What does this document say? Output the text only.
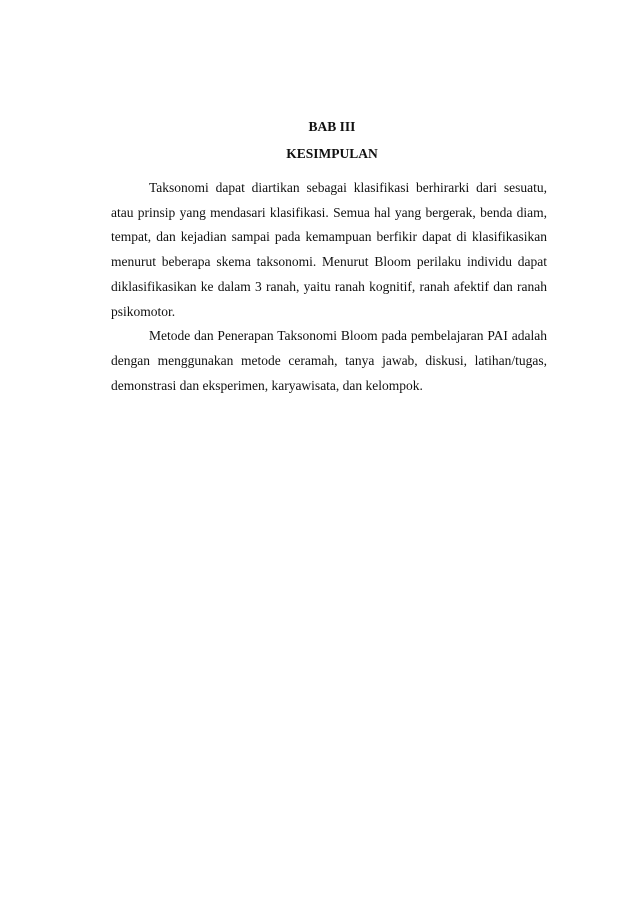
BAB III
KESIMPULAN

Taksonomi dapat diartikan sebagai klasifikasi berhirarki dari sesuatu, atau prinsip yang mendasari klasifikasi. Semua hal yang bergerak, benda diam, tempat, dan kejadian sampai pada kemampuan berfikir dapat di klasifikasikan menurut beberapa skema taksonomi. Menurut Bloom perilaku individu dapat diklasifikasikan ke dalam 3 ranah, yaitu ranah kognitif, ranah afektif dan ranah psikomotor.

Metode dan Penerapan Taksonomi Bloom pada pembelajaran PAI adalah dengan menggunakan metode ceramah, tanya jawab, diskusi, latihan/tugas, demonstrasi dan eksperimen, karyawisata, dan kelompok.
